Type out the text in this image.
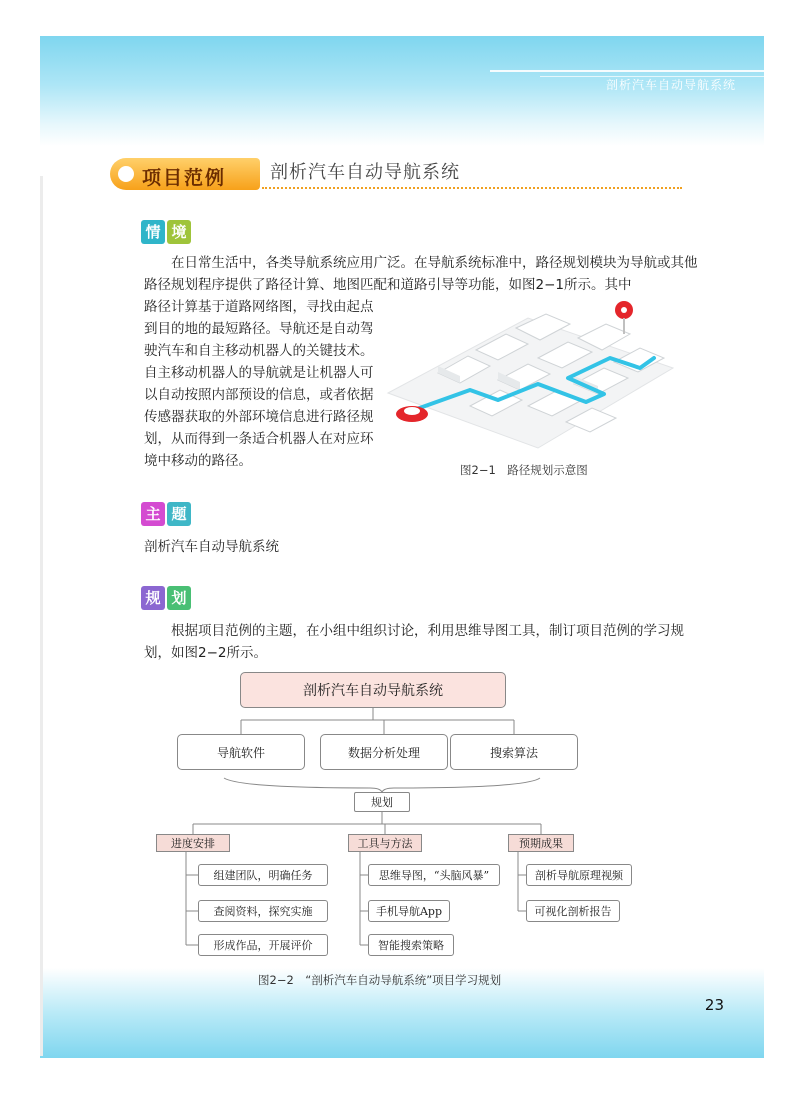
剖析汽车自动导航系统
项目范例 剖析汽车自动导航系统
情 境
在日常生活中，各类导航系统应用广泛。在导航系统标准中，路径规划模块为导航或其他路径规划程序提供了路径计算、地图匹配和道路引导等功能，如图2−1所示。其中
路径计算基于道路网络图，寻找由起点到目的地的最短路径。导航还是自动驾驶汽车和自主移动机器人的关键技术。自主移动机器人的导航就是让机器人可以自动按照内部预设的信息，或者依据传感器获取的外部环境信息进行路径规划，从而得到一条适合机器人在对应环境中移动的路径。
图2−1　路径规划示意图
主 题
剖析汽车自动导航系统
规 划
根据项目范例的主题，在小组中组织讨论，利用思维导图工具，制订项目范例的学习规划，如图2−2所示。
剖析汽车自动导航系统
导航软件	数据分析处理	搜索算法
规划
进度安排	工具与方法	预期成果
组建团队，明确任务
查阅资料，探究实施
形成作品，开展评价
思维导图，“头脑风暴”
手机导航App
智能搜索策略
剖析导航原理视频
可视化剖析报告
图2−2　“剖析汽车自动导航系统”项目学习规划
23
